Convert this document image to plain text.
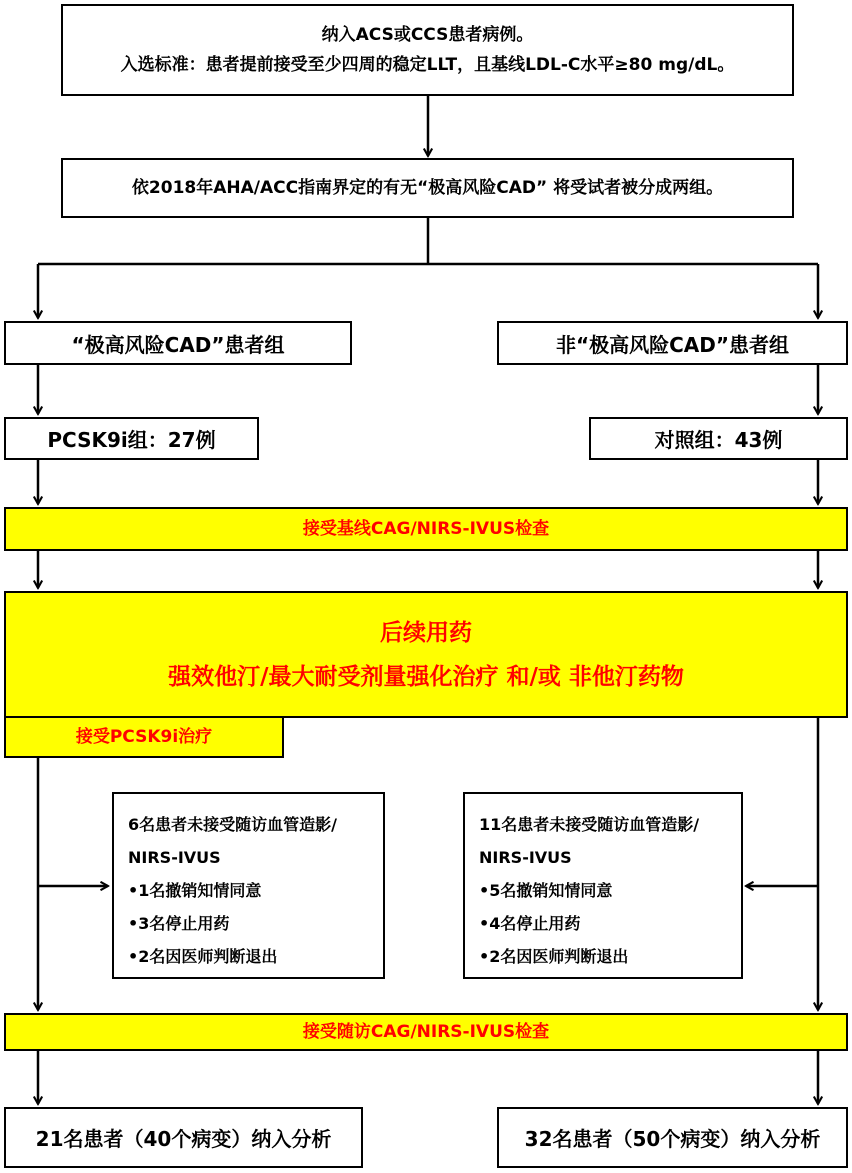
纳入ACS或CCS患者病例。
入选标准：患者提前接受至少四周的稳定LLT，且基线LDL-C水平≥80 mg/dL。
依2018年AHA/ACC指南界定的有无“极高风险CAD” 将受试者被分成两组。
“极高风险CAD”患者组	非“极高风险CAD”患者组
PCSK9i组：27例	对照组：43例
接受基线CAG/NIRS-IVUS检查
后续用药
强效他汀/最大耐受剂量强化治疗 和/或 非他汀药物
接受PCSK9i治疗
6名患者未接受随访血管造影/
NIRS-IVUS
•1名撤销知情同意
•3名停止用药
•2名因医师判断退出
11名患者未接受随访血管造影/
NIRS-IVUS
•5名撤销知情同意
•4名停止用药
•2名因医师判断退出
接受随访CAG/NIRS-IVUS检查
21名患者（40个病变）纳入分析	32名患者（50个病变）纳入分析
